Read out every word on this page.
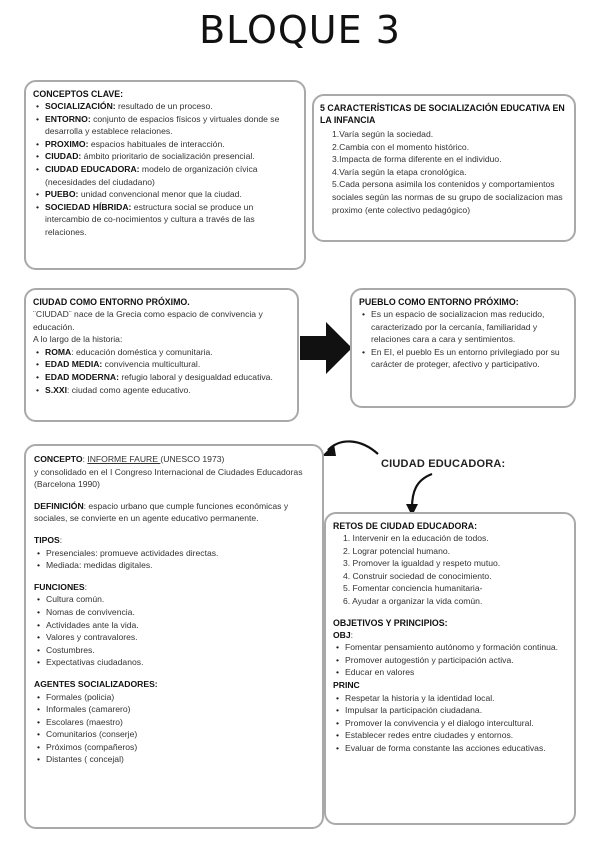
BLOQUE 3
CONCEPTOS CLAVE:
• SOCIALIZACIÓN: resultado de un proceso.
• ENTORNO: conjunto de espacios físicos y virtuales donde se desarrolla y establece relaciones.
• PROXIMO: espacios habituales de interacción.
• CIUDAD: ámbito prioritario de socialización presencial.
• CIUDAD EDUCADORA: modelo de organización cívica (necesidades del ciudadano)
• PUEBO: unidad convencional menor que la ciudad.
• SOCIEDAD HÍBRIDA: estructura social se produce un intercambio de co-nocimientos y cultura a través de las relaciones.
5 CARACTERÍSTICAS DE SOCIALIZACIÓN EDUCATIVA EN LA INFANCIA
1.Varía según la sociedad.
2.Cambia con el momento histórico.
3.Impacta de forma diferente en el individuo.
4.Varía según la etapa cronológica.
5.Cada persona asimila los contenidos y comportamientos sociales según las normas de su grupo de socializacion mas proximo (ente colectivo pedagógico)
CIUDAD COMO ENTORNO PRÓXIMO.
¨CIUDAD¨ nace de la Grecia como espacio de convivencia y educación.
A lo largo de la historia:
• ROMA: educación doméstica y comunitaria.
• EDAD MEDIA: convivencia multicultural.
• EDAD MODERNA: refugio laboral y desigualdad educativa.
• S.XXI: ciudad como agente educativo.
PUEBLO COMO ENTORNO PRÓXIMO:
• Es un espacio de socializacion mas reducido, caracterizado por la cercanía, familiaridad y relaciones cara a cara y sentimientos.
• En EI, el pueblo Es un entorno privilegiado por su carácter de proteger, afectivo y participativo.
CIUDAD EDUCADORA:
CONCEPTO: INFORME FAURE (UNESCO 1973)
y consolidado en el I Congreso Internacional de Ciudades Educadoras (Barcelona 1990)
DEFINICIÓN: espacio urbano que cumple funciones económicas y sociales, se convierte en un agente educativo permanente.
TIPOS:
• Presenciales: promueve actividades directas.
• Mediada: medidas digitales.
FUNCIONES:
• Cultura común.
• Nomas de convivencia.
• Actividades ante la vida.
• Valores y contravalores.
• Costumbres.
• Expectativas ciudadanos.
AGENTES SOCIALIZADORES:
• Formales (policia)
• Informales (camarero)
• Escolares (maestro)
• Comunitarios (conserje)
• Próximos (compañeros)
• Distantes ( concejal)
RETOS DE CIUDAD EDUCADORA:
1. Intervenir en la educación de todos.
2. Lograr potencial humano.
3. Promover la igualdad y respeto mutuo.
4. Construir sociedad de conocimiento.
5. Fomentar conciencia humanitaria-
6. Ayudar a organizar la vida común.
OBJETIVOS Y PRINCIPIOS:
OBJ:
• Fomentar pensamiento autónomo y formación continua.
• Promover autogestión y participación activa.
• Educar en valores
PRINC
• Respetar la historia y la identidad local.
• Impulsar la participación ciudadana.
• Promover la convivencia y el dialogo intercultural.
• Establecer redes entre ciudades y entornos.
• Evaluar de forma constante las acciones educativas.
